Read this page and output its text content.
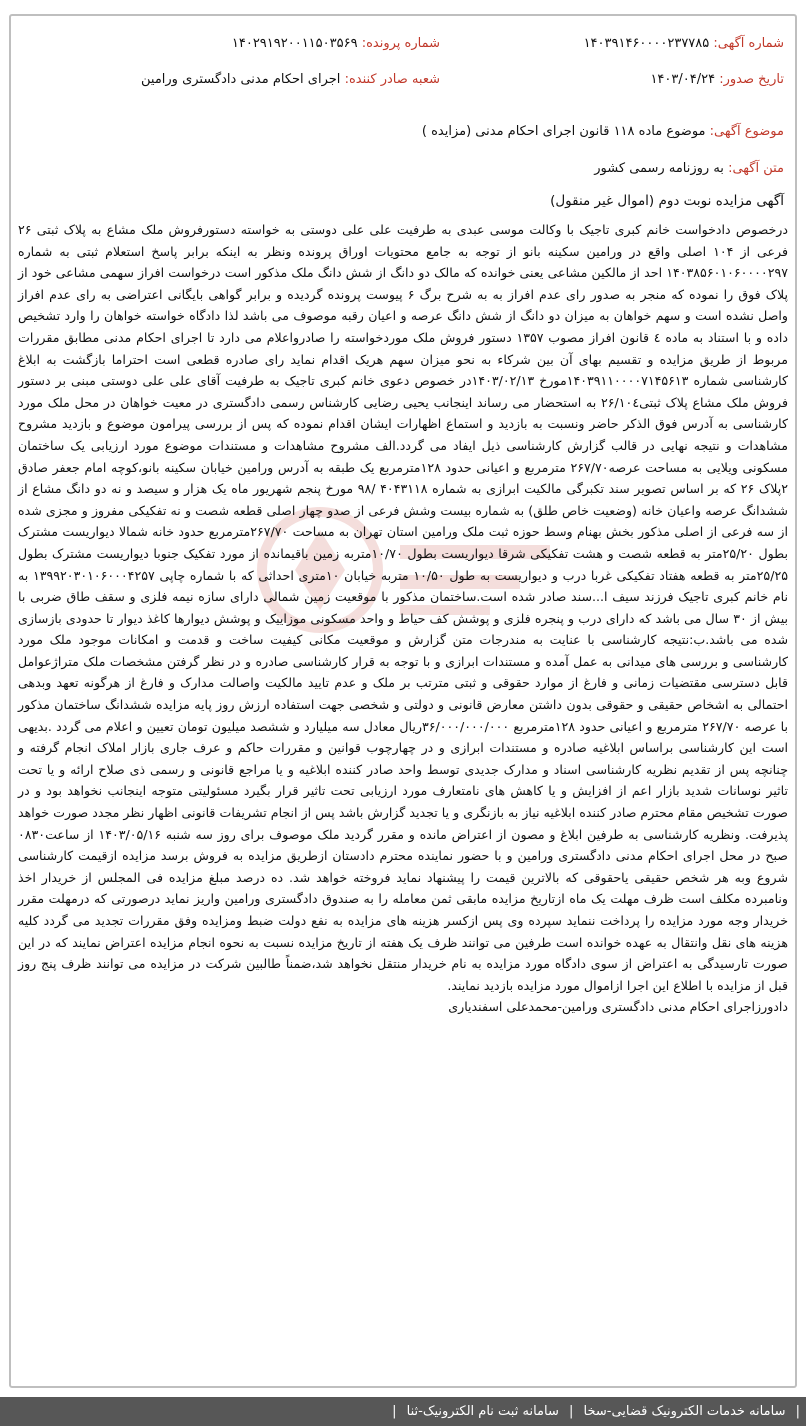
شماره آگهی: ۱۴۰۳۹۱۴۶۰۰۰۰۲۳۷۷۸۵
شماره پرونده: ۱۴۰۲۹۱۹۲۰۰۱۱۵۰۳۵۶۹
تاریخ صدور: ۱۴۰۳/۰۴/۲۴
شعبه صادر کننده: اجرای احکام مدنی دادگستری ورامین
موضوع آگهی: موضوع ماده ۱۱۸ قانون اجرای احکام مدنی (مزایده )
متن آگهی: به روزنامه رسمی کشور
آگهی مزایده نوبت دوم (اموال غیر منقول)

درخصوص دادخواست خانم کبری تاجیک با وکالت موسی عبدی به طرفیت علی علی دوستی به خواسته دستورفروش ملک مشاع به پلاک ثبتی ۲۶ فرعی از ۱۰۴ اصلی واقع در ورامین سکینه بانو از توجه به جامع محتویات اوراق پرونده ونظر به اینکه برابر پاسخ استعلام ثبتی به شماره ۱۴۰۳۸۵۶۰۱۰۶۰۰۰۰۲۹۷ احد از مالکین مشاعی یعنی خوانده که مالک دو دانگ از شش دانگ ملک مذکور است درخواست افراز سهمی مشاعی خود از پلاک فوق را نموده که منجر به صدور رای عدم افراز به به شرح برگ ۶ پیوست پرونده گردیده و برابر گواهی بایگانی اعتراضی به رای عدم افراز واصل نشده است و سهم خواهان به میزان دو دانگ از شش دانگ عرصه و اعیان رقبه موصوف می باشد لذا دادگاه خواسته خواهان را وارد تشخیص داده و با استناد به ماده ٤ قانون افراز مصوب ۱۳۵۷ دستور فروش ملک موردخواسته را صادرواعلام می دارد تا اجرای احکام مدنی مطابق مقررات مربوط از طریق مزایده و تقسیم بهای آن بین شرکاء به نحو میزان سهم هریک اقدام نماید رای صادره قطعی است احتراما بازگشت به ابلاغ کارشناسی شماره ۱۴۰۳۹۱۱۰۰۰۰۷۱۴۵۶۱۳مورخ ۱۴۰۳/۰۲/۱۳در خصوص دعوی خانم کبری تاجیک به طرفیت آقای علی علی دوستی مبنی بر دستور فروش ملک مشاع پلاک ثبتی۲۶/۱۰٤ به استحضار می رساند اینجانب یحیی رضایی کارشناس رسمی دادگستری در معیت خواهان در محل ملک مورد کارشناسی به آدرس فوق الذکر حاضر ونسبت به بازدید و استماع اظهارات ایشان اقدام نموده که پس از بررسی پیرامون موضوع و بازدید مشروح مشاهدات و نتیجه نهایی در قالب گزارش کارشناسی ذیل ایفاد می گردد.الف مشروح مشاهدات و مستندات موضوع مورد ارزیابی یک ساختمان مسکونی ویلایی به مساحت عرصه۲۶۷/۷۰ مترمربع و اعیانی حدود ۱۲۸مترمربع یک طبقه به آدرس ورامین خیابان سکینه بانو،کوچه امام جعفر صادق ۲پلاک ۲۶ که بر اساس تصویر سند تکبرگی مالکیت ابرازی به شماره ۴۰۴۳۱۱۸ /۹۸ مورخ پنجم شهریور ماه یک هزار و سیصد و نه دو دانگ مشاع از ششدانگ عرصه واعیان خانه (وضعیت خاص طلق) به شماره بیست وشش فرعی از صدو چهار اصلی قطعه شصت و نه تفکیکی مفروز و مجزی شده از سه فرعی از اصلی مذکور بخش بهنام وسط حوزه ثبت ملک ورامین استان تهران به مساحت ۲۶۷/۷۰مترمربع حدود خانه شمالا دیواریست مشترک بطول ۲۵/۲۰متر به قطعه شصت و هشت تفکیکی شرقا دیواریست بطول ۱۰/۷۰متربه زمین باقیمانده از مورد تفکیک جنوبا دیواریست مشترک بطول ۲۵/۲۵متر به قطعه هفتاد تفکیکی غربا درب و دیواریست به طول ۱۰/۵۰ متربه خیابان ۱۰متری احداثی که با شماره چاپی ۱۳۹۹۲۰۳۰۱۰۶۰۰۰۴۲۵۷ به نام خانم کبری تاجیک فرزند سیف ا...سند صادر شده است.ساختمان مذکور با موقعیت زمین شمالی دارای سازه نیمه فلزی و سقف طاق ضربی با بیش از ۳۰ سال می باشد که دارای درب و پنجره فلزی و پوشش کف حیاط و واحد مسکونی موزاییک و پوشش دیوارها کاغذ دیوار تا حدودی بازسازی شده می باشد.ب:نتیجه کارشناسی با عنایت به مندرجات متن گزارش و موقعیت مکانی کیفیت ساخت و قدمت و امکانات موجود ملک مورد کارشناسی و بررسی های میدانی به عمل آمده و مستندات ابرازی و با توجه به قرار کارشناسی صادره و در نظر گرفتن مشخصات ملک متراژعوامل قابل دسترسی مقتضیات زمانی و فارغ از موارد حقوقی و ثبتی مترتب بر ملک و عدم تایید مالکیت واصالت مدارک و فارغ از هرگونه تعهد وبدهی احتمالی به اشخاص حقیقی و حقوقی بدون داشتن معارض قانونی و دولتی و شخصی جهت استفاده ارزش روز پایه مزایده ششدانگ ساختمان مذکور با عرصه ۲۶۷/۷۰ مترمربع و اعیانی حدود ۱۲۸مترمربع ۳۶/۰۰۰/۰۰۰/۰۰۰ریال معادل سه میلیارد و ششصد میلیون تومان تعیین و اعلام می گردد .بدیهی است این کارشناسی براساس ابلاغیه صادره و مستندات ابرازی و در چهارچوب قوانین و مقررات حاکم و عرف جاری بازار املاک انجام گرفته و چنانچه پس از تقدیم نظریه کارشناسی اسناد و مدارک جدیدی توسط واحد صادر کننده ابلاغیه و یا مراجع قانونی و رسمی ذی صلاح ارائه و یا تحت تاثیر نوسانات شدید بازار اعم از افزایش و یا کاهش های نامتعارف مورد ارزیابی تحت تاثیر قرار بگیرد مسئولیتی متوجه اینجانب نخواهد بود و در صورت تشخیص مقام محترم صادر کننده ابلاغیه نیاز به بازنگری و یا تجدید گزارش باشد پس از انجام تشریفات قانونی اظهار نظر مجدد صورت خواهد پذیرفت. ونظریه کارشناسی به طرفین ابلاغ و مصون از اعتراض مانده و مقرر گردید ملک موصوف برای روز سه شنبه ۱۴۰۳/۰۵/۱۶ از ساعت۰۸۳۰ صبح در محل اجرای احکام مدنی دادگستری ورامین و با حضور نماینده محترم دادستان ازطریق مزایده به فروش برسد مزایده ازقیمت کارشناسی شروع وبه هر شخص حقیقی یاحقوقی که بالاترین قیمت را پیشنهاد نماید فروخته خواهد شد. ده درصد مبلغ مزایده فی المجلس از خریدار اخذ ونامبرده مکلف است ظرف مهلت یک ماه ازتاریخ مزایده مابقی ثمن معامله را به صندوق دادگستری ورامین واریز نماید درصورتی که درمهلت مقرر خریدار وجه مورد مزایده را پرداخت ننماید سپرده وی پس ازکسر هزینه های مزایده به نفع دولت ضبط ومزایده وفق مقررات تجدید می گردد کلیه هزینه های نقل وانتقال به عهده خوانده است طرفین می توانند ظرف یک هفته از تاریخ مزایده نسبت به نحوه انجام مزایده اعتراض نمایند که در این صورت تارسیدگی به اعتراض از سوی دادگاه مورد مزایده به نام خریدار منتقل نخواهد شد،ضمناً طالبین شرکت در مزایده می توانند ظرف پنج روز قبل از مزایده با اطلاع این اجرا ازاموال مورد مزایده بازدید نمایند.

دادورزاجرای احکام مدنی دادگستری ورامین-محمدعلی اسفندیاری

| سامانه خدمات الکترونیک قضایی-سخا | سامانه ثبت نام الکترونیک-ثنا |
